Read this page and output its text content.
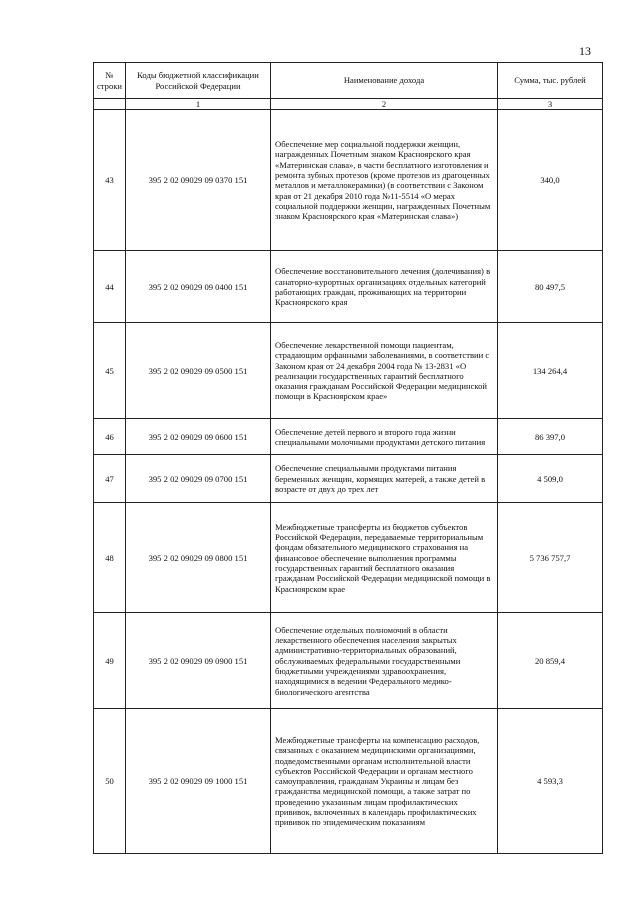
13
№ строки	Коды бюджетной классификации Российской Федерации	Наименование дохода	Сумма, тыс. рублей
	1	2	3
43	395 2 02 09029 09 0370 151	Обеспечение мер социальной поддержки женщин, награжденных Почетным знаком Красноярского края «Материнская слава», в части бесплатного изготовления и ремонта зубных протезов (кроме протезов из драгоценных металлов и металлокерамики) (в соответствии с Законом края от 21 декабря 2010 года №11-5514 «О мерах социальной поддержки женщин, награжденных Почетным знаком Красноярского края «Материнская слава»)	340,0
44	395 2 02 09029 09 0400 151	Обеспечение восстановительного лечения (долечивания) в санаторно-курортных организациях отдельных категорий работающих граждан, проживающих на территории Красноярского края	80 497,5
45	395 2 02 09029 09 0500 151	Обеспечение лекарственной помощи пациентам, страдающим орфанными заболеваниями, в соответствии с Законом края от 24 декабря 2004 года № 13-2831 «О реализации государственных гарантий бесплатного оказания гражданам Российской Федерации медицинской помощи в Красноярском крае»	134 264,4
46	395 2 02 09029 09 0600 151	Обеспечение детей первого и второго года жизни специальными молочными продуктами детского питания	86 397,0
47	395 2 02 09029 09 0700 151	Обеспечение специальными продуктами питания беременных женщин, кормящих матерей, а также детей в возрасте от двух до трех лет	4 509,0
48	395 2 02 09029 09 0800 151	Межбюджетные трансферты из бюджетов субъектов Российской Федерации, передаваемые территориальным фондам обязательного медицинского страхования на финансовое обеспечение выполнения программы государственных гарантий бесплатного оказания гражданам Российской Федерации медицинской помощи в Красноярском крае	5 736 757,7
49	395 2 02 09029 09 0900 151	Обеспечение отдельных полномочий в области лекарственного обеспечения населения закрытых административно-территориальных образований, обслуживаемых федеральными государственными бюджетными учреждениями здравоохранения, находящимися в ведении Федерального медико-биологического агентства	20 859,4
50	395 2 02 09029 09 1000 151	Межбюджетные трансферты на компенсацию расходов, связанных с оказанием медицинскими организациями, подведомственными органам исполнительной власти субъектов Российской Федерации и органам местного самоуправления, гражданам Украины и лицам без гражданства медицинской помощи, а также затрат по проведению указанным лицам профилактических прививок, включенных в календарь профилактических прививок по эпидемическим показаниям	4 593,3
